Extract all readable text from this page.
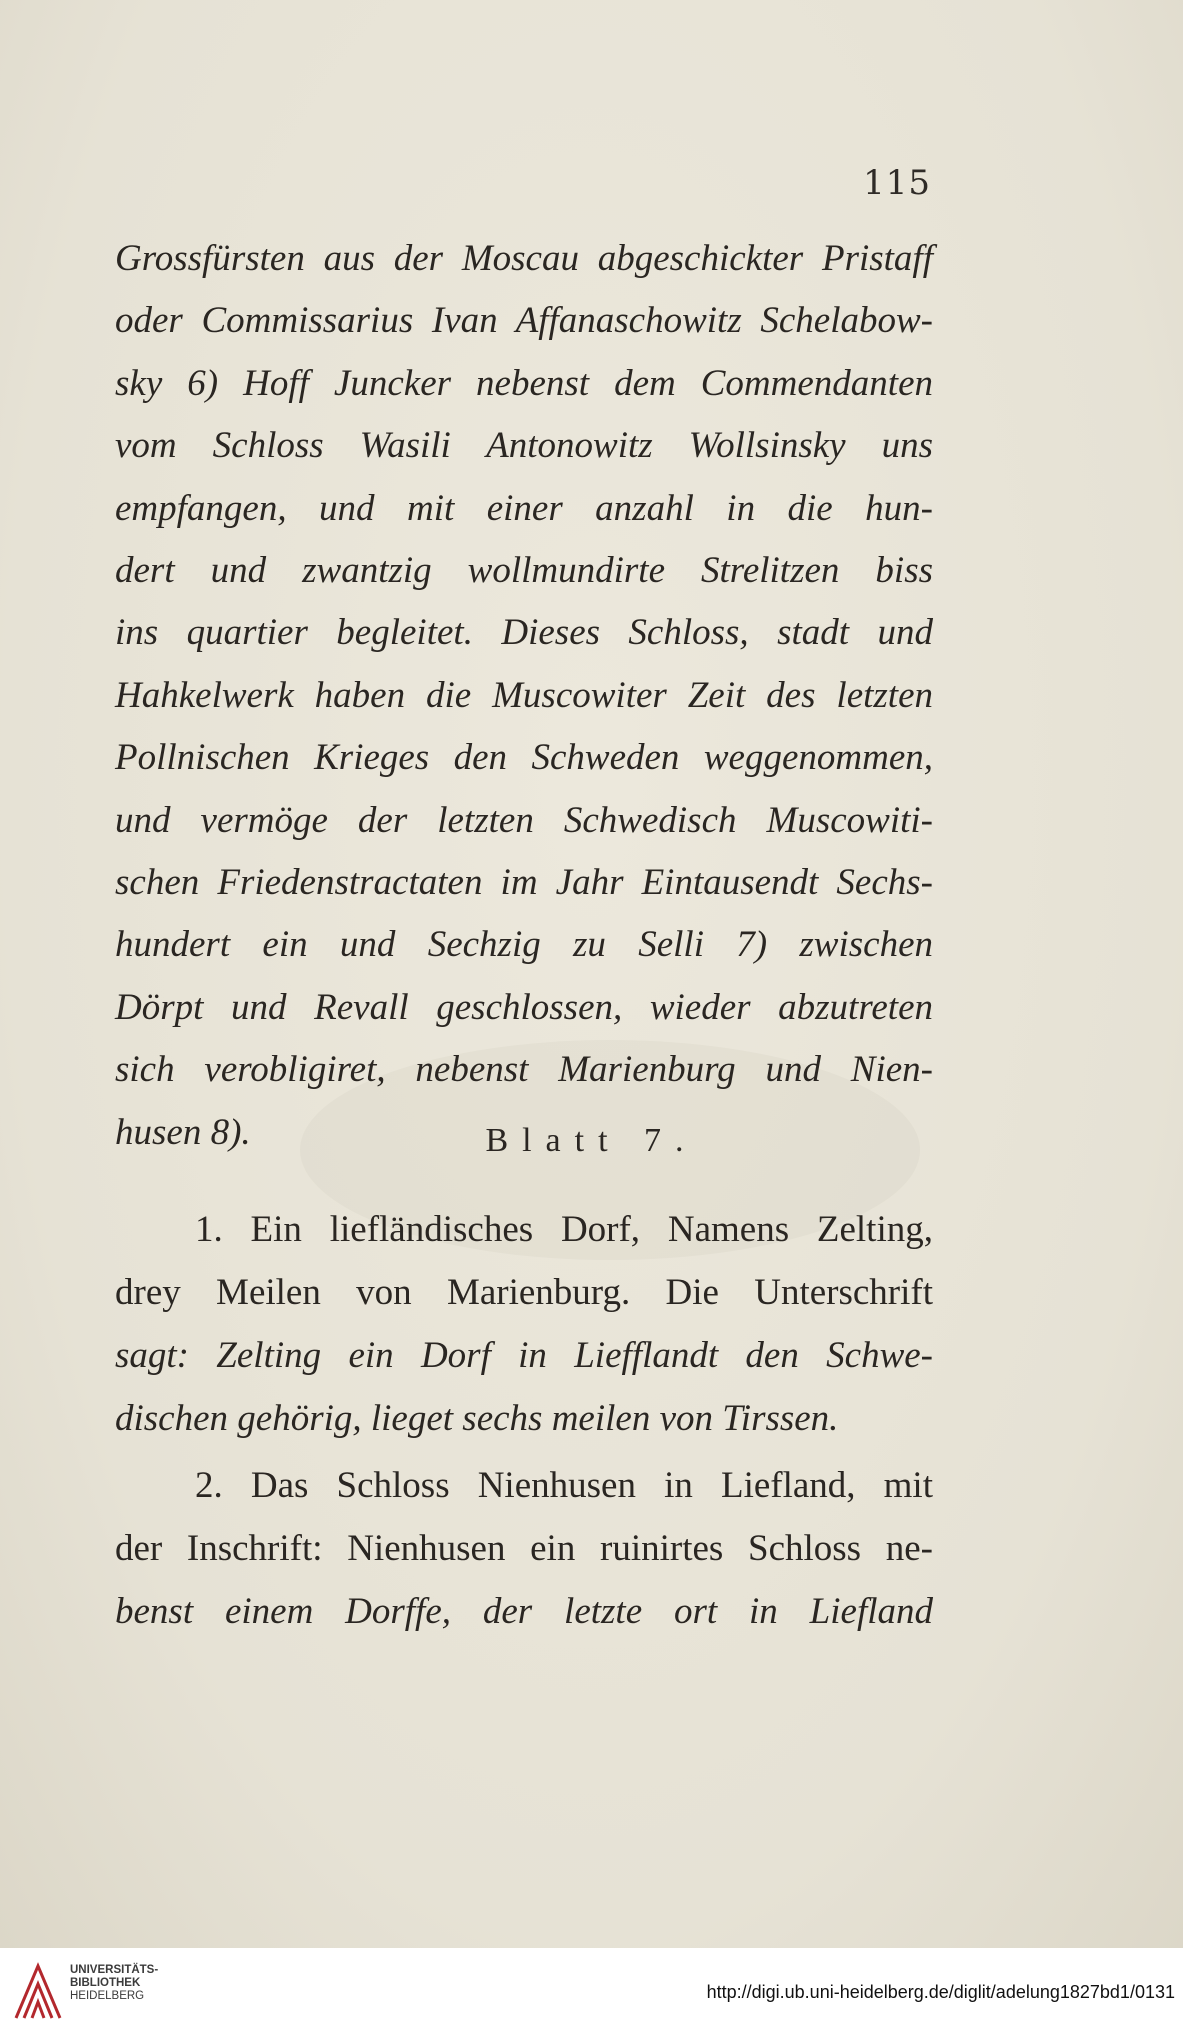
115
Grossfürsten aus der Moscau abgeschickter Pristaff
oder Commissarius Ivan Affanaschowitz Schelabow-
sky 6) Hoff Juncker nebenst dem Commendanten
vom Schloss Wasili Antonowitz Wollsinsky uns
empfangen, und mit einer anzahl in die hun-
dert und zwantzig wollmundirte Strelitzen biss
ins quartier begleitet. Dieses Schloss, stadt und
Hahkelwerk haben die Muscowiter Zeit des letzten
Pollnischen Krieges den Schweden weggenommen,
und vermöge der letzten Schwedisch Muscowiti-
schen Friedenstractaten im Jahr Eintausendt Sechs-
hundert ein und Sechzig zu Selli 7) zwischen
Dörpt und Revall geschlossen, wieder abzutreten
sich verobligiret, nebenst Marienburg und Nien-
husen 8).	Blatt 7.
1. Ein liefländisches Dorf, Namens Zelting,
drey Meilen von Marienburg. Die Unterschrift
sagt: Zelting ein Dorf in Liefflandt den Schwe-
dischen gehörig, lieget sechs meilen von Tirssen.
2. Das Schloss Nienhusen in Liefland, mit
der Inschrift: Nienhusen ein ruinirtes Schloss ne-
benst einem Dorffe, der letzte ort in Liefland
UNIVERSITÄTS-
BIBLIOTHEK
HEIDELBERG	http://digi.ub.uni-heidelberg.de/diglit/adelung1827bd1/0131
